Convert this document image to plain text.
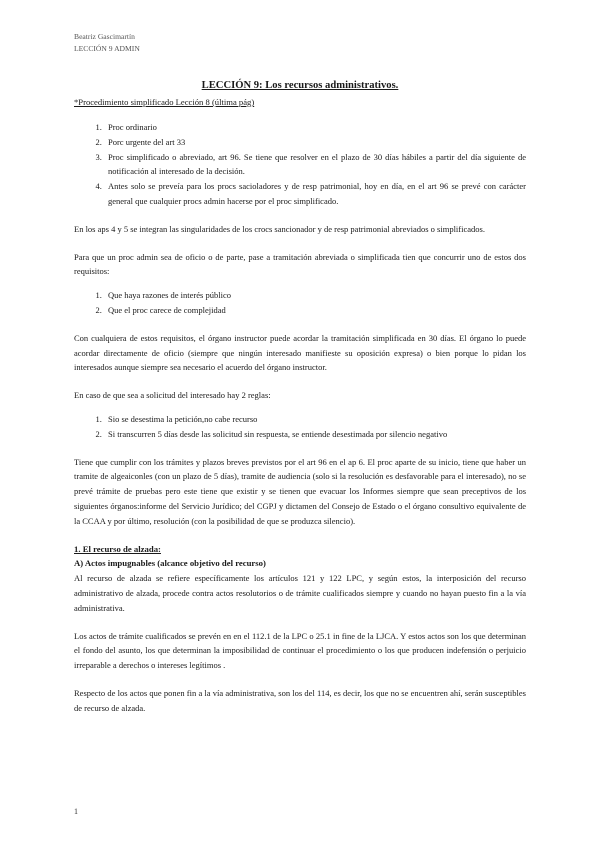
Beatriz Gascimartín
LECCIÓN 9 ADMIN
LECCIÓN 9: Los recursos administrativos.
*Procedimiento simplificado Lección 8 (última pág)
1. Proc ordinario
2. Porc urgente del art 33
3. Proc simplificado o abreviado, art 96. Se tiene que resolver en el plazo de 30 días hábiles a partir del día siguiente de notificación al interesado de la decisión.
4. Antes solo se preveía para los procs sacioladores y de resp patrimonial, hoy en día, en el art 96 se prevé con carácter general que cualquier procs admin hacerse por el proc simplificado.

En los aps 4 y 5 se integran las singularidades de los crocs sancionador y de resp patrimonial abreviados o simplificados.

Para que un proc admin sea de oficio o de parte, pase a tramitación abreviada o simplificada tien que concurrir uno de estos dos requisitos:

1. Que haya razones de interés público
2. Que el proc carece de complejidad

Con cualquiera de estos requisitos, el órgano instructor puede acordar la tramitación simplificada en 30 días. El órgano lo puede acordar directamente de oficio (siempre que ningún interesado manifieste su oposición expresa) o bien porque lo pidan los interesados aunque siempre sea necesario el acuerdo del órgano instructor.

En caso de que sea a solicitud del interesado hay 2 reglas:

1. Sio se desestima la petición,no cabe recurso
2. Si transcurren 5 días desde las solicitud sin respuesta, se entiende desestimada por silencio negativo

Tiene que cumplir con los trámites y plazos breves previstos por el art 96 en el ap 6. El proc aparte de su inicio, tiene que haber un tramite de algeaiconles (con un plazo de 5 días), tramite de audiencia (solo si la resolución es desfavorable para el interesado), no se prevé trámite de pruebas pero este tiene que existir y se tienen que evacuar los Informes siempre que sean preceptivos de los siguientes órganos:informe del Servicio Jurídico; del CGPJ y dictamen del Consejo de Estado o el órgano consultivo equivalente de la CCAA y por último, resolución (con la posibilidad de que se produzca silencio).

1. El recurso de alzada:
A) Actos impugnables (alcance objetivo del recurso)

Al recurso de alzada se refiere específicamente los artículos 121 y 122 LPC, y según estos, la interposición del recurso administrativo de alzada, procede contra actos resolutorios o de trámite cualificados siempre y cuando no hayan puesto fin a la vía administrativa.

Los actos de trámite cualificados se prevén en en el 112.1 de la LPC o 25.1 in fine de la LJCA. Y estos actos son los que determinan el fondo del asunto, los que determinan la imposibilidad de continuar el procedimiento o los que producen indefensión o perjuicio irreparable a derechos o intereses legítimos .

Respecto de los actos que ponen fin a la vía administrativa, son los del 114, es decir, los que no se encuentren ahí, serán susceptibles de recurso de alzada.

1
